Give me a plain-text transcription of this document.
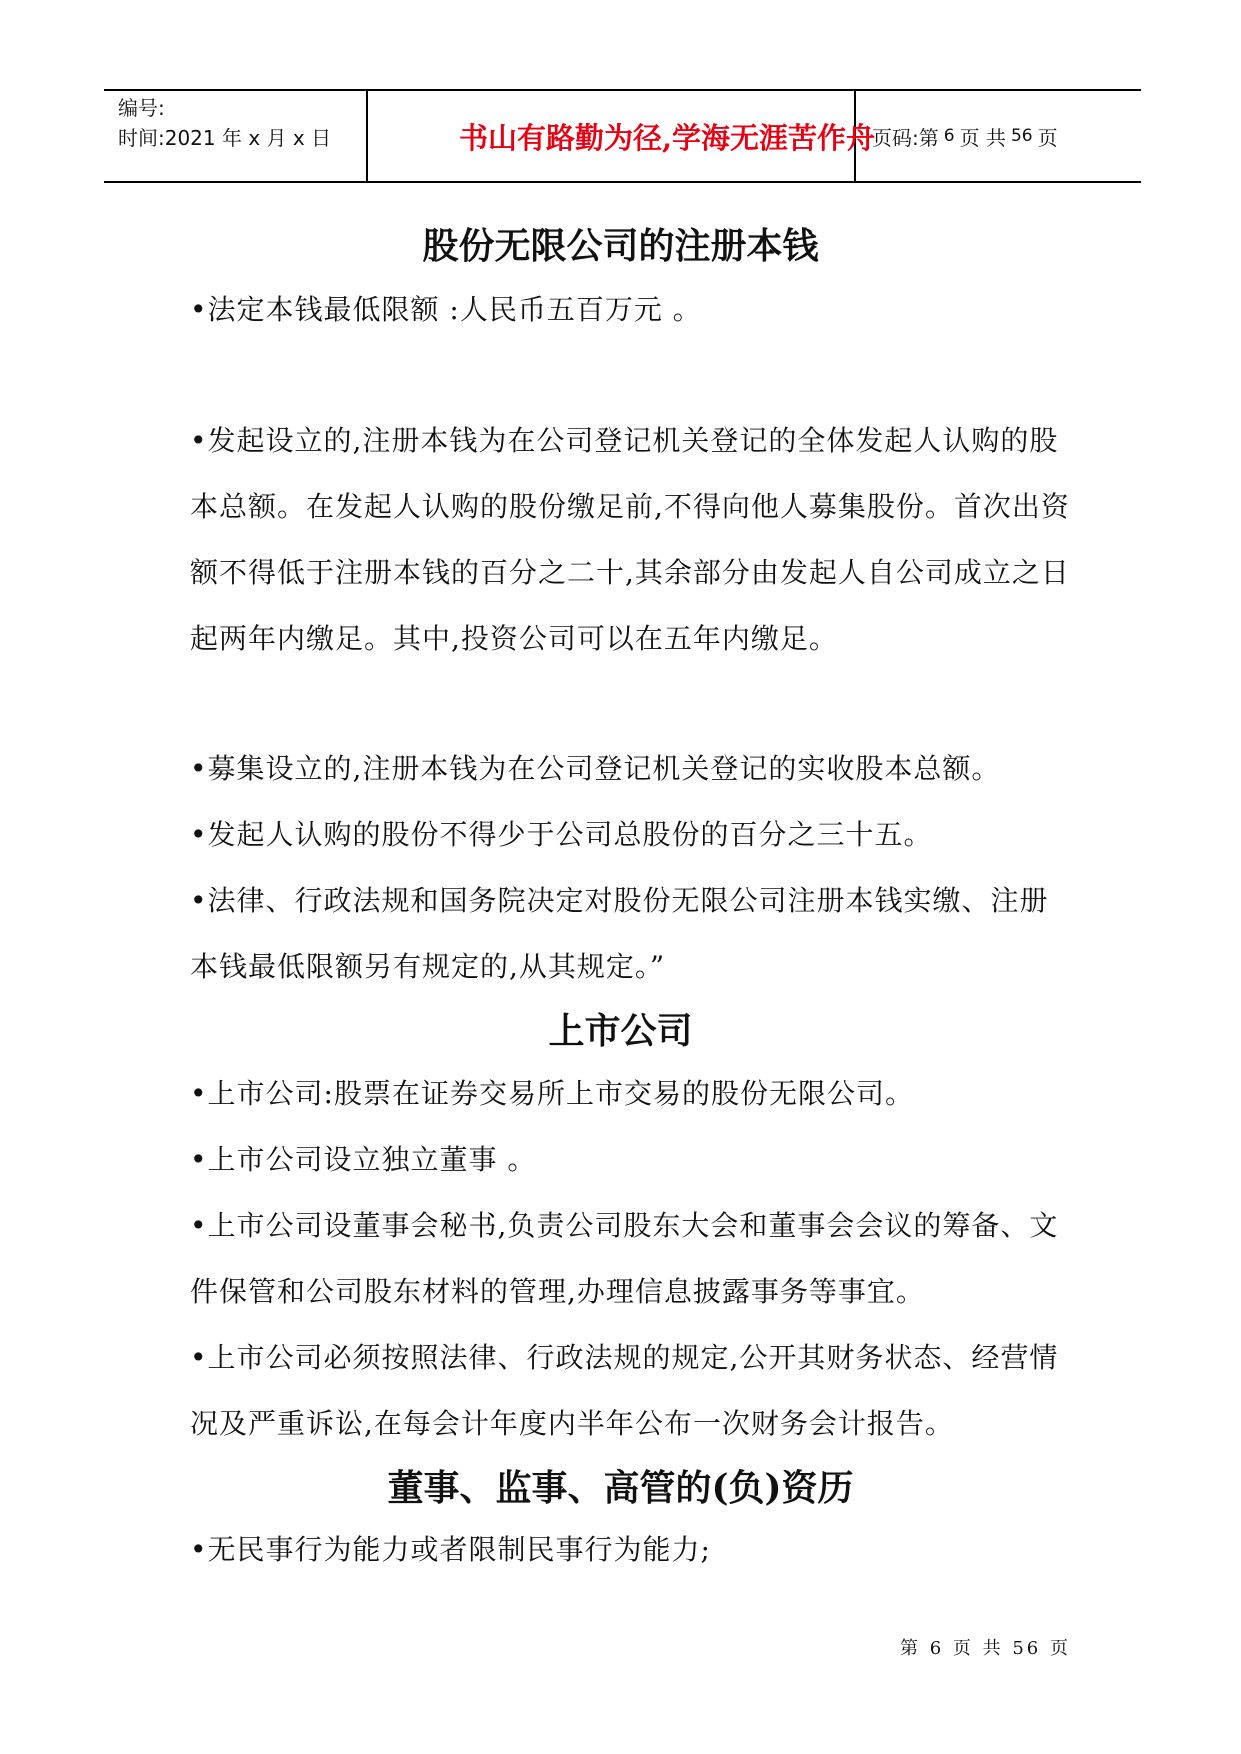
编号:
时间:2021 年 x 月 x 日	书山有路勤为径,学海无涯苦作舟
页码:第 6 页 共 56 页
股份无限公司的注册本钱
•法定本钱最低限额 :人民币五百万元 。
•发起设立的,注册本钱为在公司登记机关登记的全体发起人认购的股本总额。在发起人认购的股份缴足前,不得向他人募集股份。首次出资额不得低于注册本钱的百分之二十,其余部分由发起人自公司成立之日起两年内缴足。其中,投资公司可以在五年内缴足。
•募集设立的,注册本钱为在公司登记机关登记的实收股本总额。
•发起人认购的股份不得少于公司总股份的百分之三十五。
•法律、行政法规和国务院决定对股份无限公司注册本钱实缴、注册本钱最低限额另有规定的,从其规定。”
上市公司
•上市公司:股票在证券交易所上市交易的股份无限公司。
•上市公司设立独立董事 。
•上市公司设董事会秘书,负责公司股东大会和董事会会议的筹备、文件保管和公司股东材料的管理,办理信息披露事务等事宜。
•上市公司必须按照法律、行政法规的规定,公开其财务状态、经营情况及严重诉讼,在每会计年度内半年公布一次财务会计报告。
董事、监事、高管的(负)资历
•无民事行为能力或者限制民事行为能力;
第 6 页 共 56 页
